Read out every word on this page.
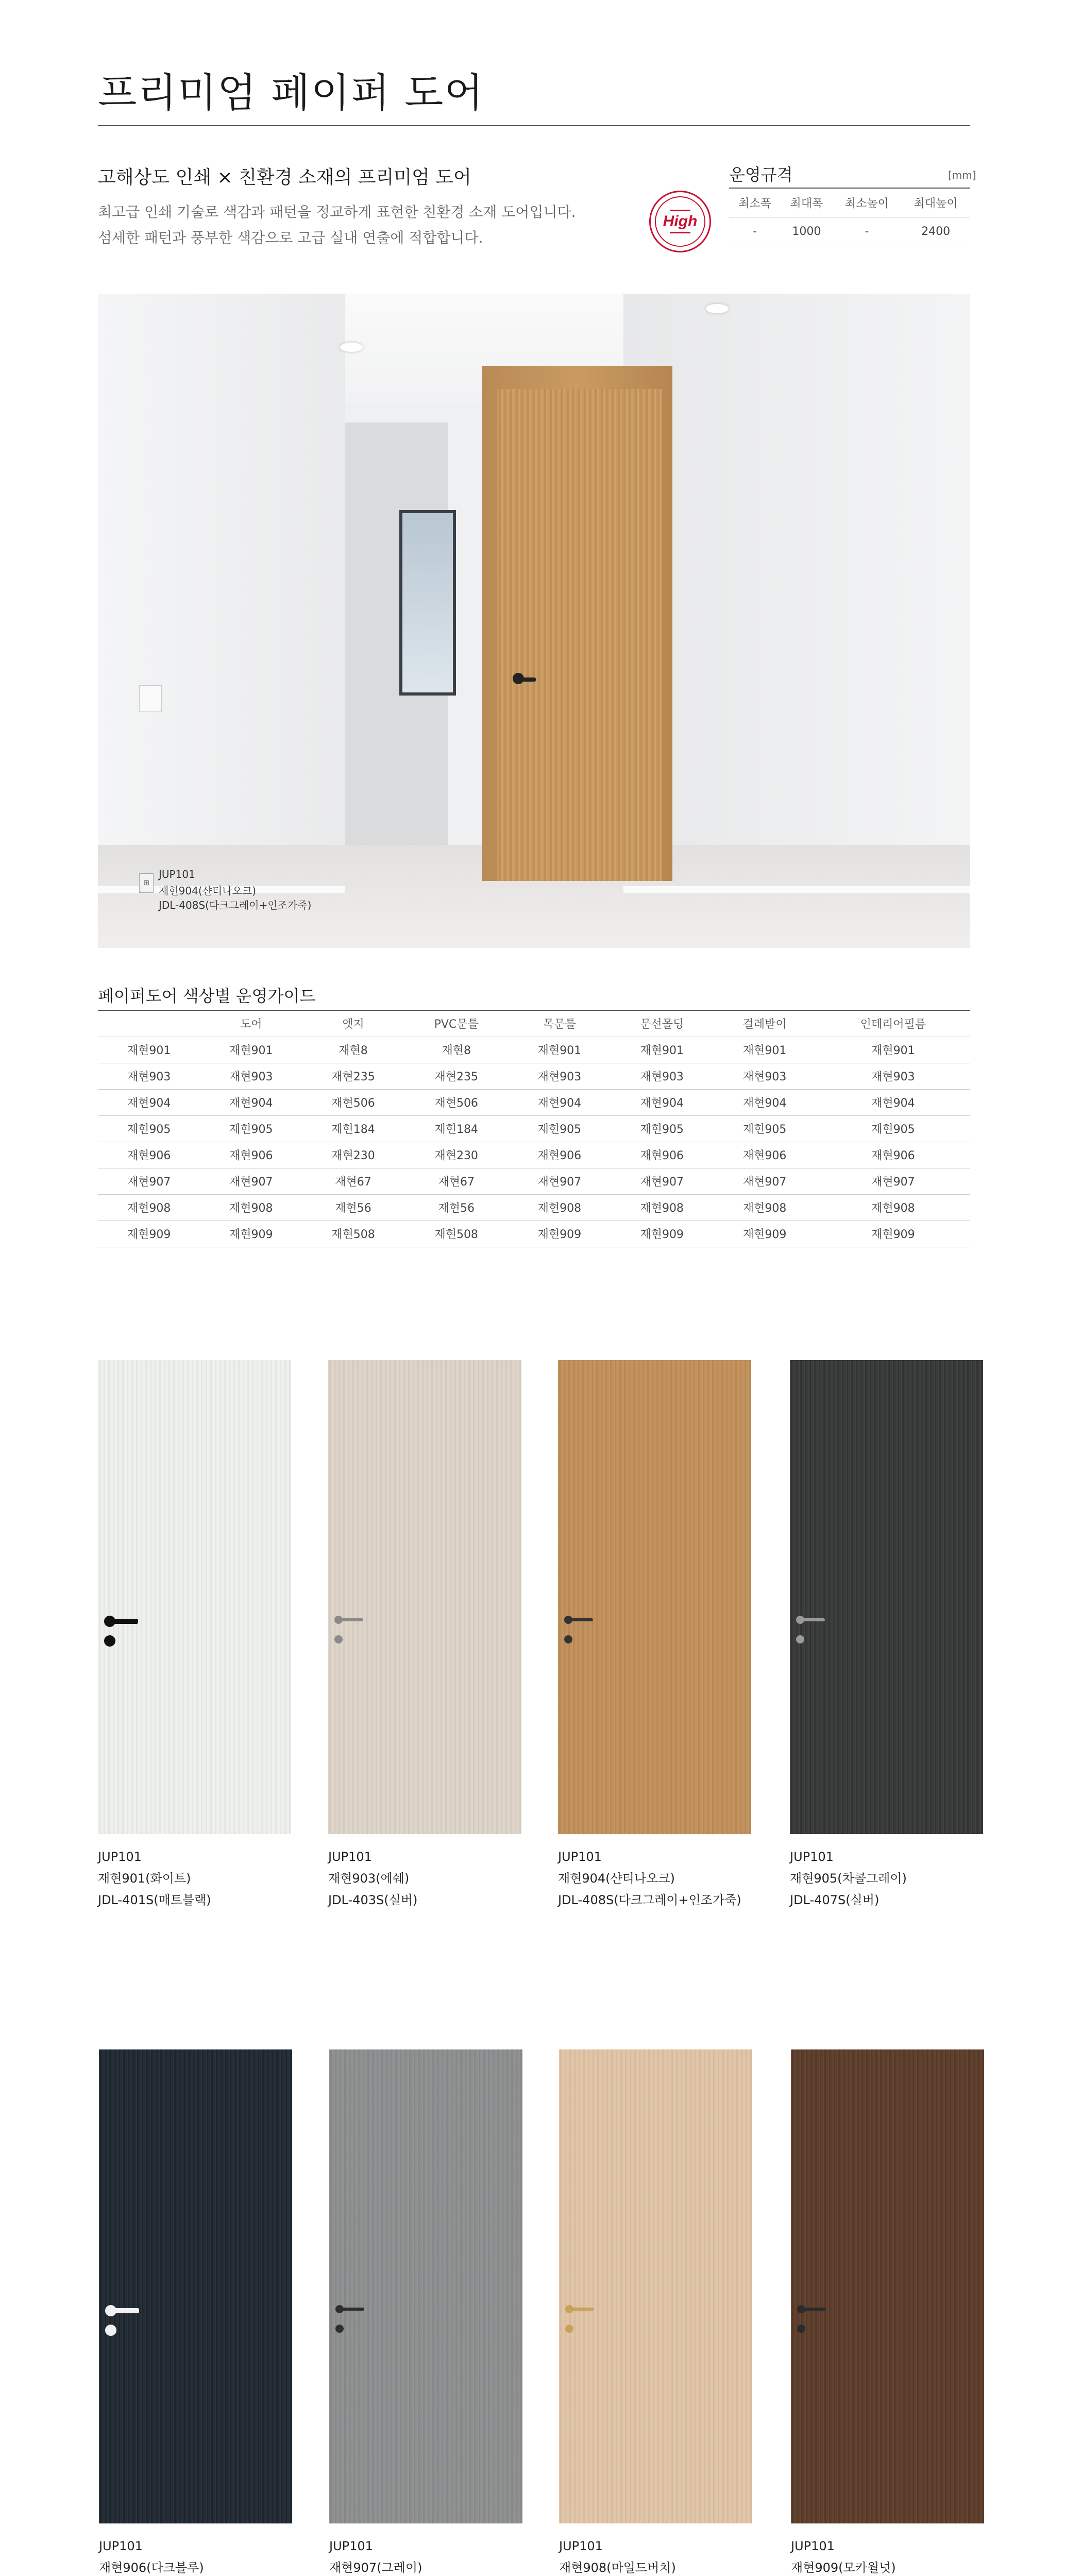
프리미엄 페이퍼 도어
고해상도 인쇄 × 친환경 소재의 프리미엄 도어
최고급 인쇄 기술로 색감과 패턴을 정교하게 표현한 친환경 소재 도어입니다.
섬세한 패턴과 풍부한 색감으로 고급 실내 연출에 적합합니다.
High
운영규격	[mm]
최소폭	최대폭	최소높이	최대높이
-	1000	-	2400
⊞
JUP101
재현904(샨티나오크)
JDL-408S(다크그레이+인조가죽)
페이퍼도어 색상별 운영가이드
	도어	엣지	PVC문틀	목문틀	문선몰딩	걸레받이	인테리어필름
재현901	재현901	재현8	재현8	재현901	재현901	재현901	재현901
재현903	재현903	재현235	재현235	재현903	재현903	재현903	재현903
재현904	재현904	재현506	재현506	재현904	재현904	재현904	재현904
재현905	재현905	재현184	재현184	재현905	재현905	재현905	재현905
재현906	재현906	재현230	재현230	재현906	재현906	재현906	재현906
재현907	재현907	재현67	재현67	재현907	재현907	재현907	재현907
재현908	재현908	재현56	재현56	재현908	재현908	재현908	재현908
재현909	재현909	재현508	재현508	재현909	재현909	재현909	재현909
JUP101
재현901(화이트)
JDL-401S(매트블랙)
JUP101
재현903(에쉐)
JDL-403S(실버)
JUP101
재현904(샨티나오크)
JDL-408S(다크그레이+인조가죽)
JUP101
재현905(차콜그레이)
JDL-407S(실버)
JUP101
재현906(다크블루)
JUP101
재현907(그레이)
JUP101
재현908(마일드버치)
JUP101
재현909(모카월넛)
